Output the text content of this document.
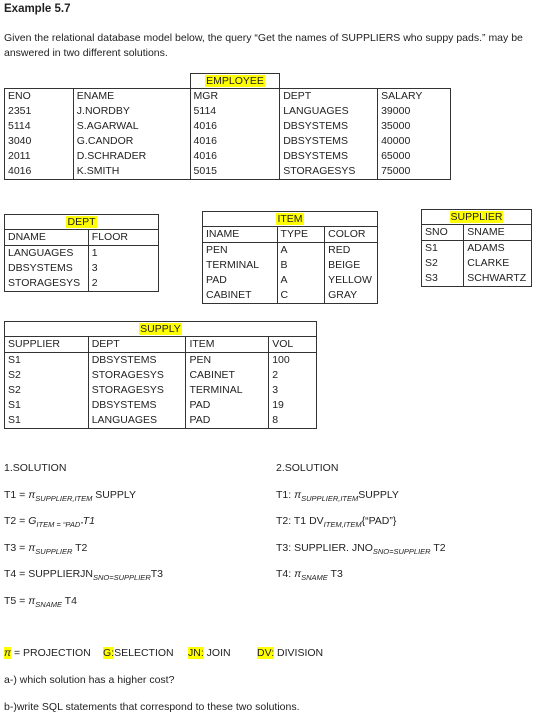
Example 5.7
Given the relational database model below, the query “Get the names of SUPPLIERS who suppy pads.” may be answered in two different solutions.
EMPLOYEE
ENO	ENAME	MGR	DEPT	SALARY
2351	J.NORDBY	5114	LANGUAGES	39000
5114	S.AGARWAL	4016	DBSYSTEMS	35000
3040	G.CANDOR	4016	DBSYSTEMS	40000
2011	D.SCHRADER	4016	DBSYSTEMS	65000
4016	K.SMITH	5015	STORAGESYS	75000
DEPT
DNAME	FLOOR
LANGUAGES	1
DBSYSTEMS	3
STORAGESYS	2
ITEM
INAME	TYPE	COLOR
PEN	A	RED
TERMINAL	B	BEIGE
PAD	A	YELLOW
CABINET	C	GRAY
SUPPLIER
SNO	SNAME
S1	ADAMS
S2	CLARKE
S3	SCHWARTZ
SUPPLY
SUPPLIER	DEPT	ITEM	VOL
S1	DBSYSTEMS	PEN	100
S2	STORAGESYS	CABINET	2
S2	STORAGESYS	TERMINAL	3
S1	DBSYSTEMS	PAD	19
S1	LANGUAGES	PAD	8
1.SOLUTION
$T1 = \pi_{SUPPLIER,ITEM}$ SUPPLY
$T2 = G_{ITEM}$ $_{= “PAD”}$T1
$T3 = \pi_{SUPPLIER}$ T2
$T4 = SUPPLIERJN_{SNO=SUPPLIER}T3$
$T5 = \pi_{SNAME}$ T4
2.SOLUTION
T1: $\pi_{SUPPLIER,ITEM}SUPPLY$
T2: T1 $DV_{ITEM,ITEM}\{“PAD”\}$
T3: SUPPLIER. $JNO_{SNO=SUPPLIER}$ T2
T4: $\pi_{SNAME}$ T3
π = PROJECTION G:SELECTION JN: JOIN	DV: DIVISION
a-) which solution has a higher cost?
b-)write SQL statements that correspond to these two solutions.
